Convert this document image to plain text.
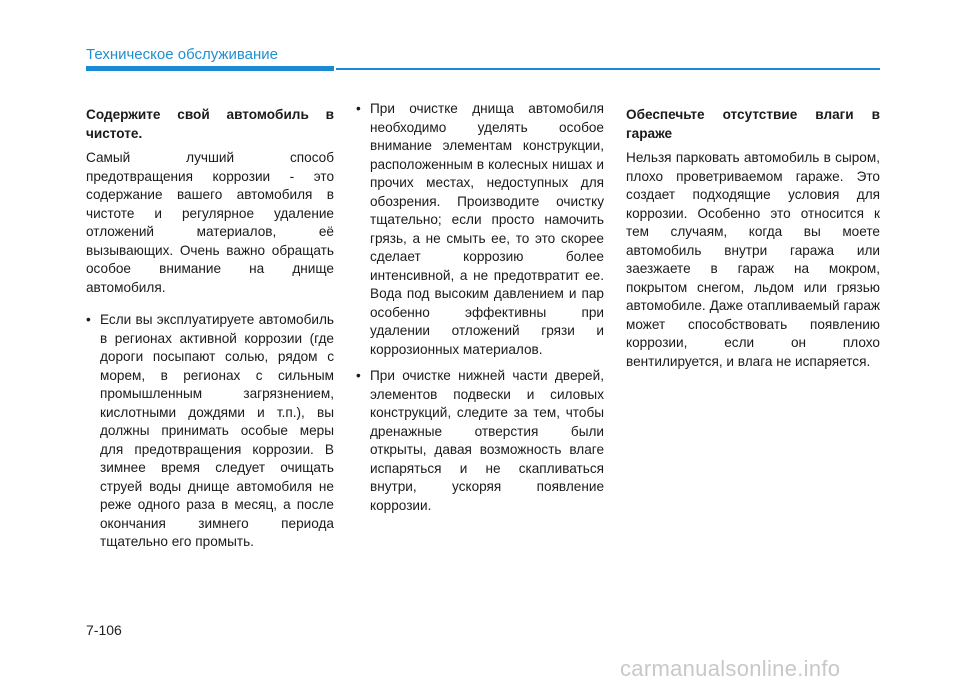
Техническое обслуживание

Содержите свой автомобиль в чистоте.

Самый лучший способ предотвращения коррозии - это содержание вашего автомобиля в чистоте и регулярное удаление отложений материалов, её вызывающих. Очень важно обращать особое внимание на днище автомобиля.

• Если вы эксплуатируете автомобиль в регионах активной коррозии (где дороги посыпают солью, рядом с морем, в регионах с сильным промышленным загрязнением, кислотными дождями и т.п.), вы должны принимать особые меры для предотвращения коррозии. В зимнее время следует очищать струей воды днище автомобиля не реже одного раза в месяц, а после окончания зимнего периода тщательно его промыть.
• При очистке днища автомобиля необходимо уделять особое внимание элементам конструкции, расположенным в колесных нишах и прочих местах, недоступных для обозрения. Производите очистку тщательно; если просто намочить грязь, а не смыть ее, то это скорее сделает коррозию более интенсивной, а не предотвратит ее. Вода под высоким давлением и пар особенно эффективны при удалении отложений грязи и коррозионных материалов.
• При очистке нижней части дверей, элементов подвески и силовых конструкций, следите за тем, чтобы дренажные отверстия были открыты, давая возможность влаге испаряться и не скапливаться внутри, ускоряя появление коррозии.

Обеспечьте отсутствие влаги в гараже

Нельзя парковать автомобиль в сыром, плохо проветриваемом гараже. Это создает подходящие условия для коррозии. Особенно это относится к тем случаям, когда вы моете автомобиль внутри гаража или заезжаете в гараж на мокром, покрытом снегом, льдом или грязью автомобиле. Даже отапливаемый гараж может способствовать появлению коррозии, если он плохо вентилируется, и влага не испаряется.

7-106
carmanualsonline.info
